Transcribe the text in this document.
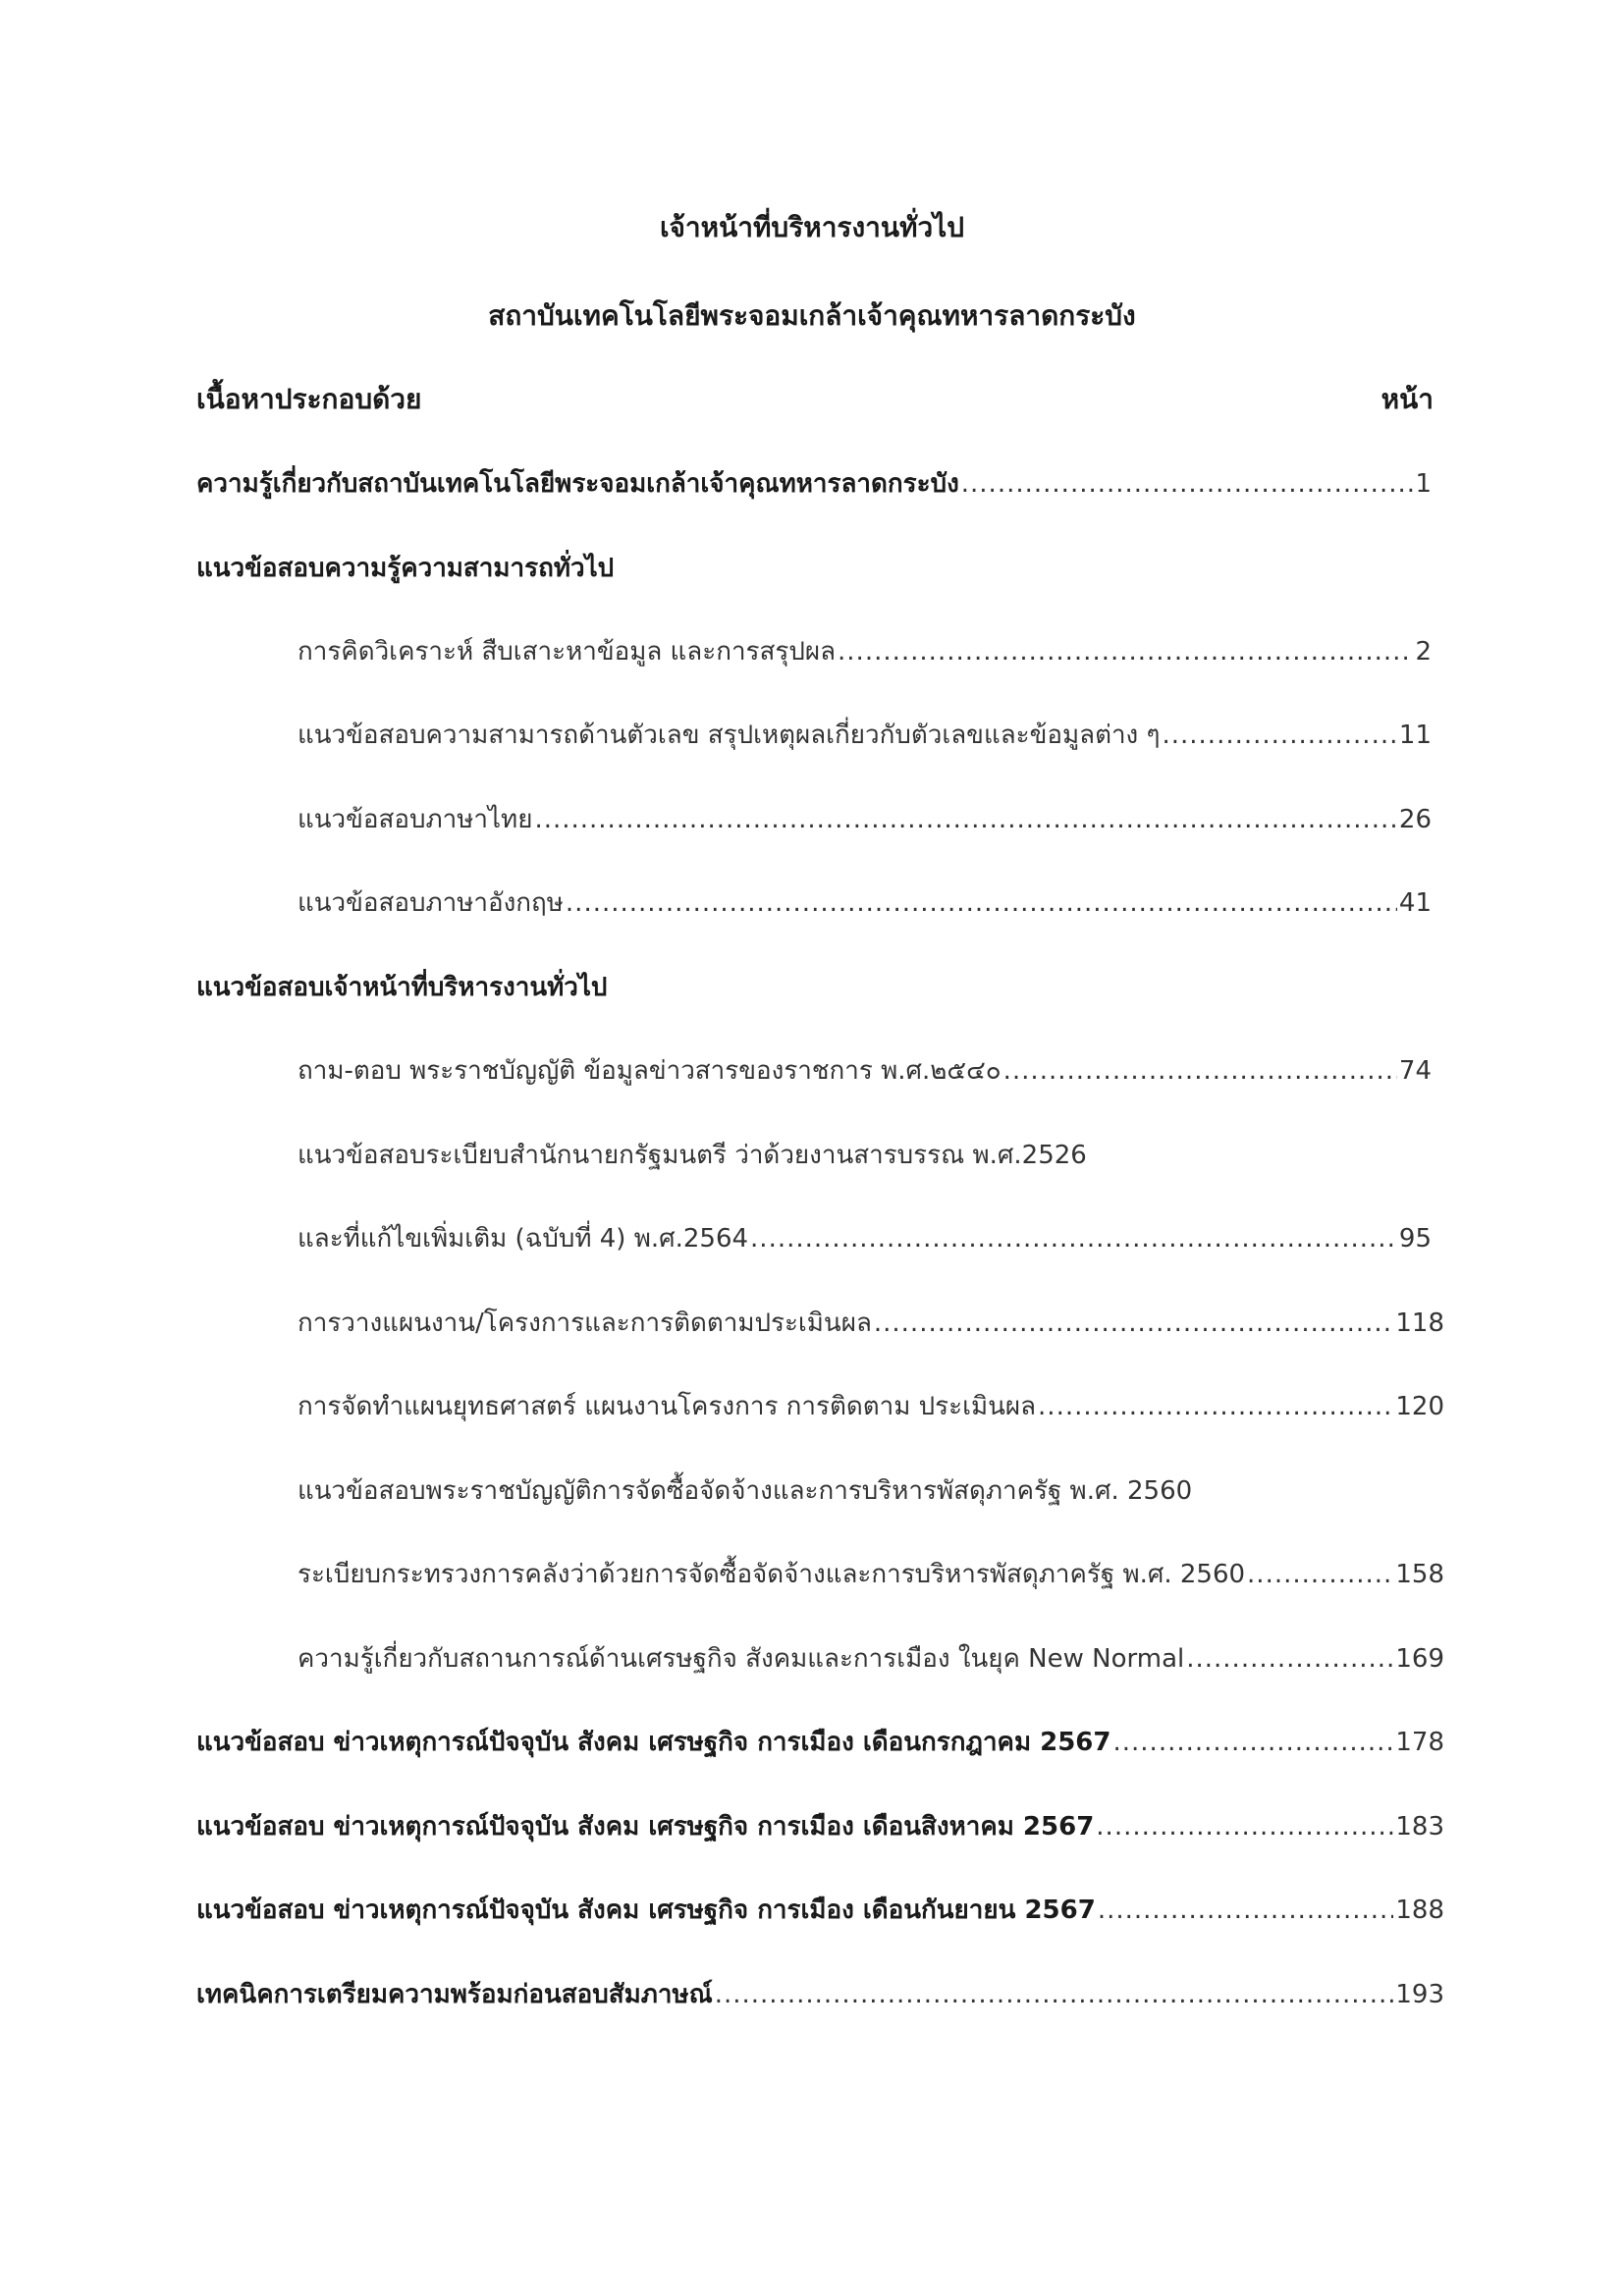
เจ้าหน้าที่บริหารงานทั่วไป
สถาบันเทคโนโลยีพระจอมเกล้าเจ้าคุณทหารลาดกระบัง
เนื้อหาประกอบด้วย	หน้า
ความรู้เกี่ยวกับสถาบันเทคโนโลยีพระจอมเกล้าเจ้าคุณทหารลาดกระบัง .....	1
แนวข้อสอบความรู้ความสามารถทั่วไป
การคิดวิเคราะห์ สืบเสาะหาข้อมูล และการสรุปผล .....	2
แนวข้อสอบความสามารถด้านตัวเลข สรุปเหตุผลเกี่ยวกับตัวเลขและข้อมูลต่าง ๆ .....	11
แนวข้อสอบภาษาไทย .....	26
แนวข้อสอบภาษาอังกฤษ .....	41
แนวข้อสอบเจ้าหน้าที่บริหารงานทั่วไป
ถาม-ตอบ พระราชบัญญัติ ข้อมูลข่าวสารของราชการ พ.ศ.๒๕๔๐ .....	74
แนวข้อสอบระเบียบสำนักนายกรัฐมนตรี ว่าด้วยงานสารบรรณ พ.ศ.2526
และที่แก้ไขเพิ่มเติม (ฉบับที่ 4) พ.ศ.2564 .....	95
การวางแผนงาน/โครงการและการติดตามประเมินผล .....	118
การจัดทำแผนยุทธศาสตร์ แผนงานโครงการ การติดตาม ประเมินผล .....	120
แนวข้อสอบพระราชบัญญัติการจัดซื้อจัดจ้างและการบริหารพัสดุภาครัฐ พ.ศ. 2560
ระเบียบกระทรวงการคลังว่าด้วยการจัดซื้อจัดจ้างและการบริหารพัสดุภาครัฐ พ.ศ. 2560 .....	158
ความรู้เกี่ยวกับสถานการณ์ด้านเศรษฐกิจ สังคมและการเมือง ในยุค New Normal .....	169
แนวข้อสอบ ข่าวเหตุการณ์ปัจจุบัน สังคม เศรษฐกิจ การเมือง เดือนกรกฎาคม 2567 .....	178
แนวข้อสอบ ข่าวเหตุการณ์ปัจจุบัน สังคม เศรษฐกิจ การเมือง เดือนสิงหาคม 2567 .....	183
แนวข้อสอบ ข่าวเหตุการณ์ปัจจุบัน สังคม เศรษฐกิจ การเมือง เดือนกันยายน 2567 .....	188
เทคนิคการเตรียมความพร้อมก่อนสอบสัมภาษณ์ .....	193
